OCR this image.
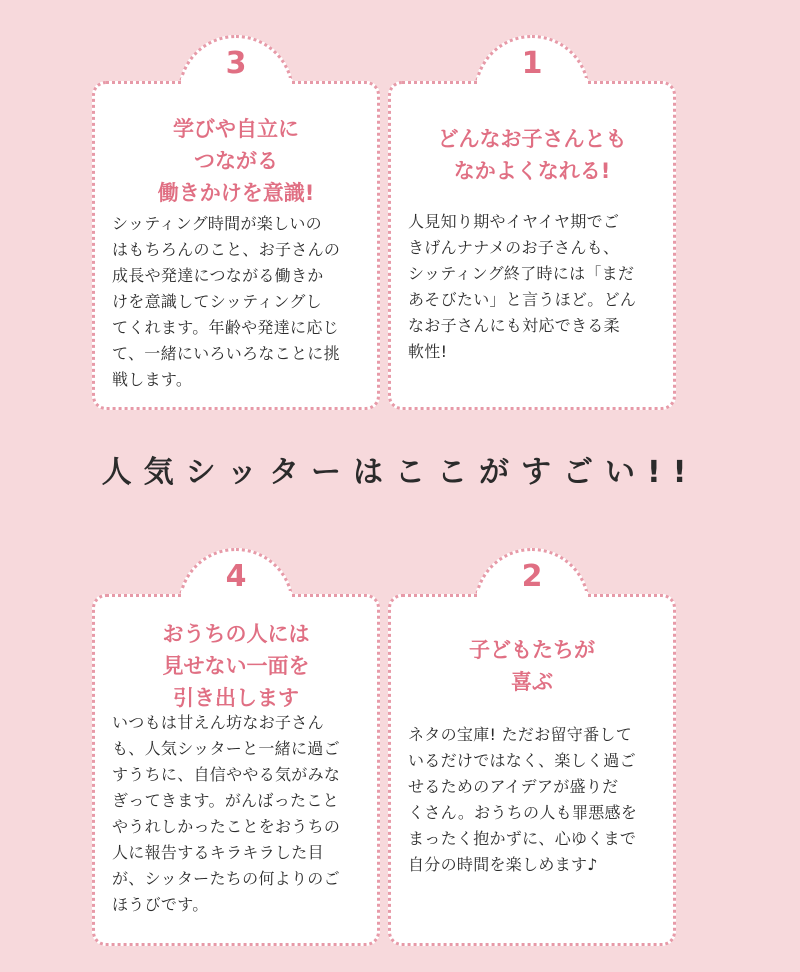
3
学びや自立に
つながる
働きかけを意識!

シッティング時間が楽しいの
はもちろんのこと、お子さんの
成長や発達につながる働きか
けを意識してシッティングし
てくれます。年齢や発達に応じ
て、一緒にいろいろなことに挑
戦します。

1
どんなお子さんとも
なかよくなれる!

人見知り期やイヤイヤ期でご
きげんナナメのお子さんも、
シッティング終了時には「まだ
あそびたい」と言うほど。どん
なお子さんにも対応できる柔
軟性!

人気シッターはここがすごい!!
4
おうちの人には
見せない一面を
引き出します

いつもは甘えん坊なお子さん
も、人気シッターと一緒に過ご
すうちに、自信ややる気がみな
ぎってきます。がんばったこと
やうれしかったことをおうちの
人に報告するキラキラした目
が、シッターたちの何よりのご
ほうびです。

2
子どもたちが
喜ぶ

ネタの宝庫! ただお留守番して
いるだけではなく、楽しく過ご
せるためのアイデアが盛りだ
くさん。おうちの人も罪悪感を
まったく抱かずに、心ゆくまで
自分の時間を楽しめます♪
